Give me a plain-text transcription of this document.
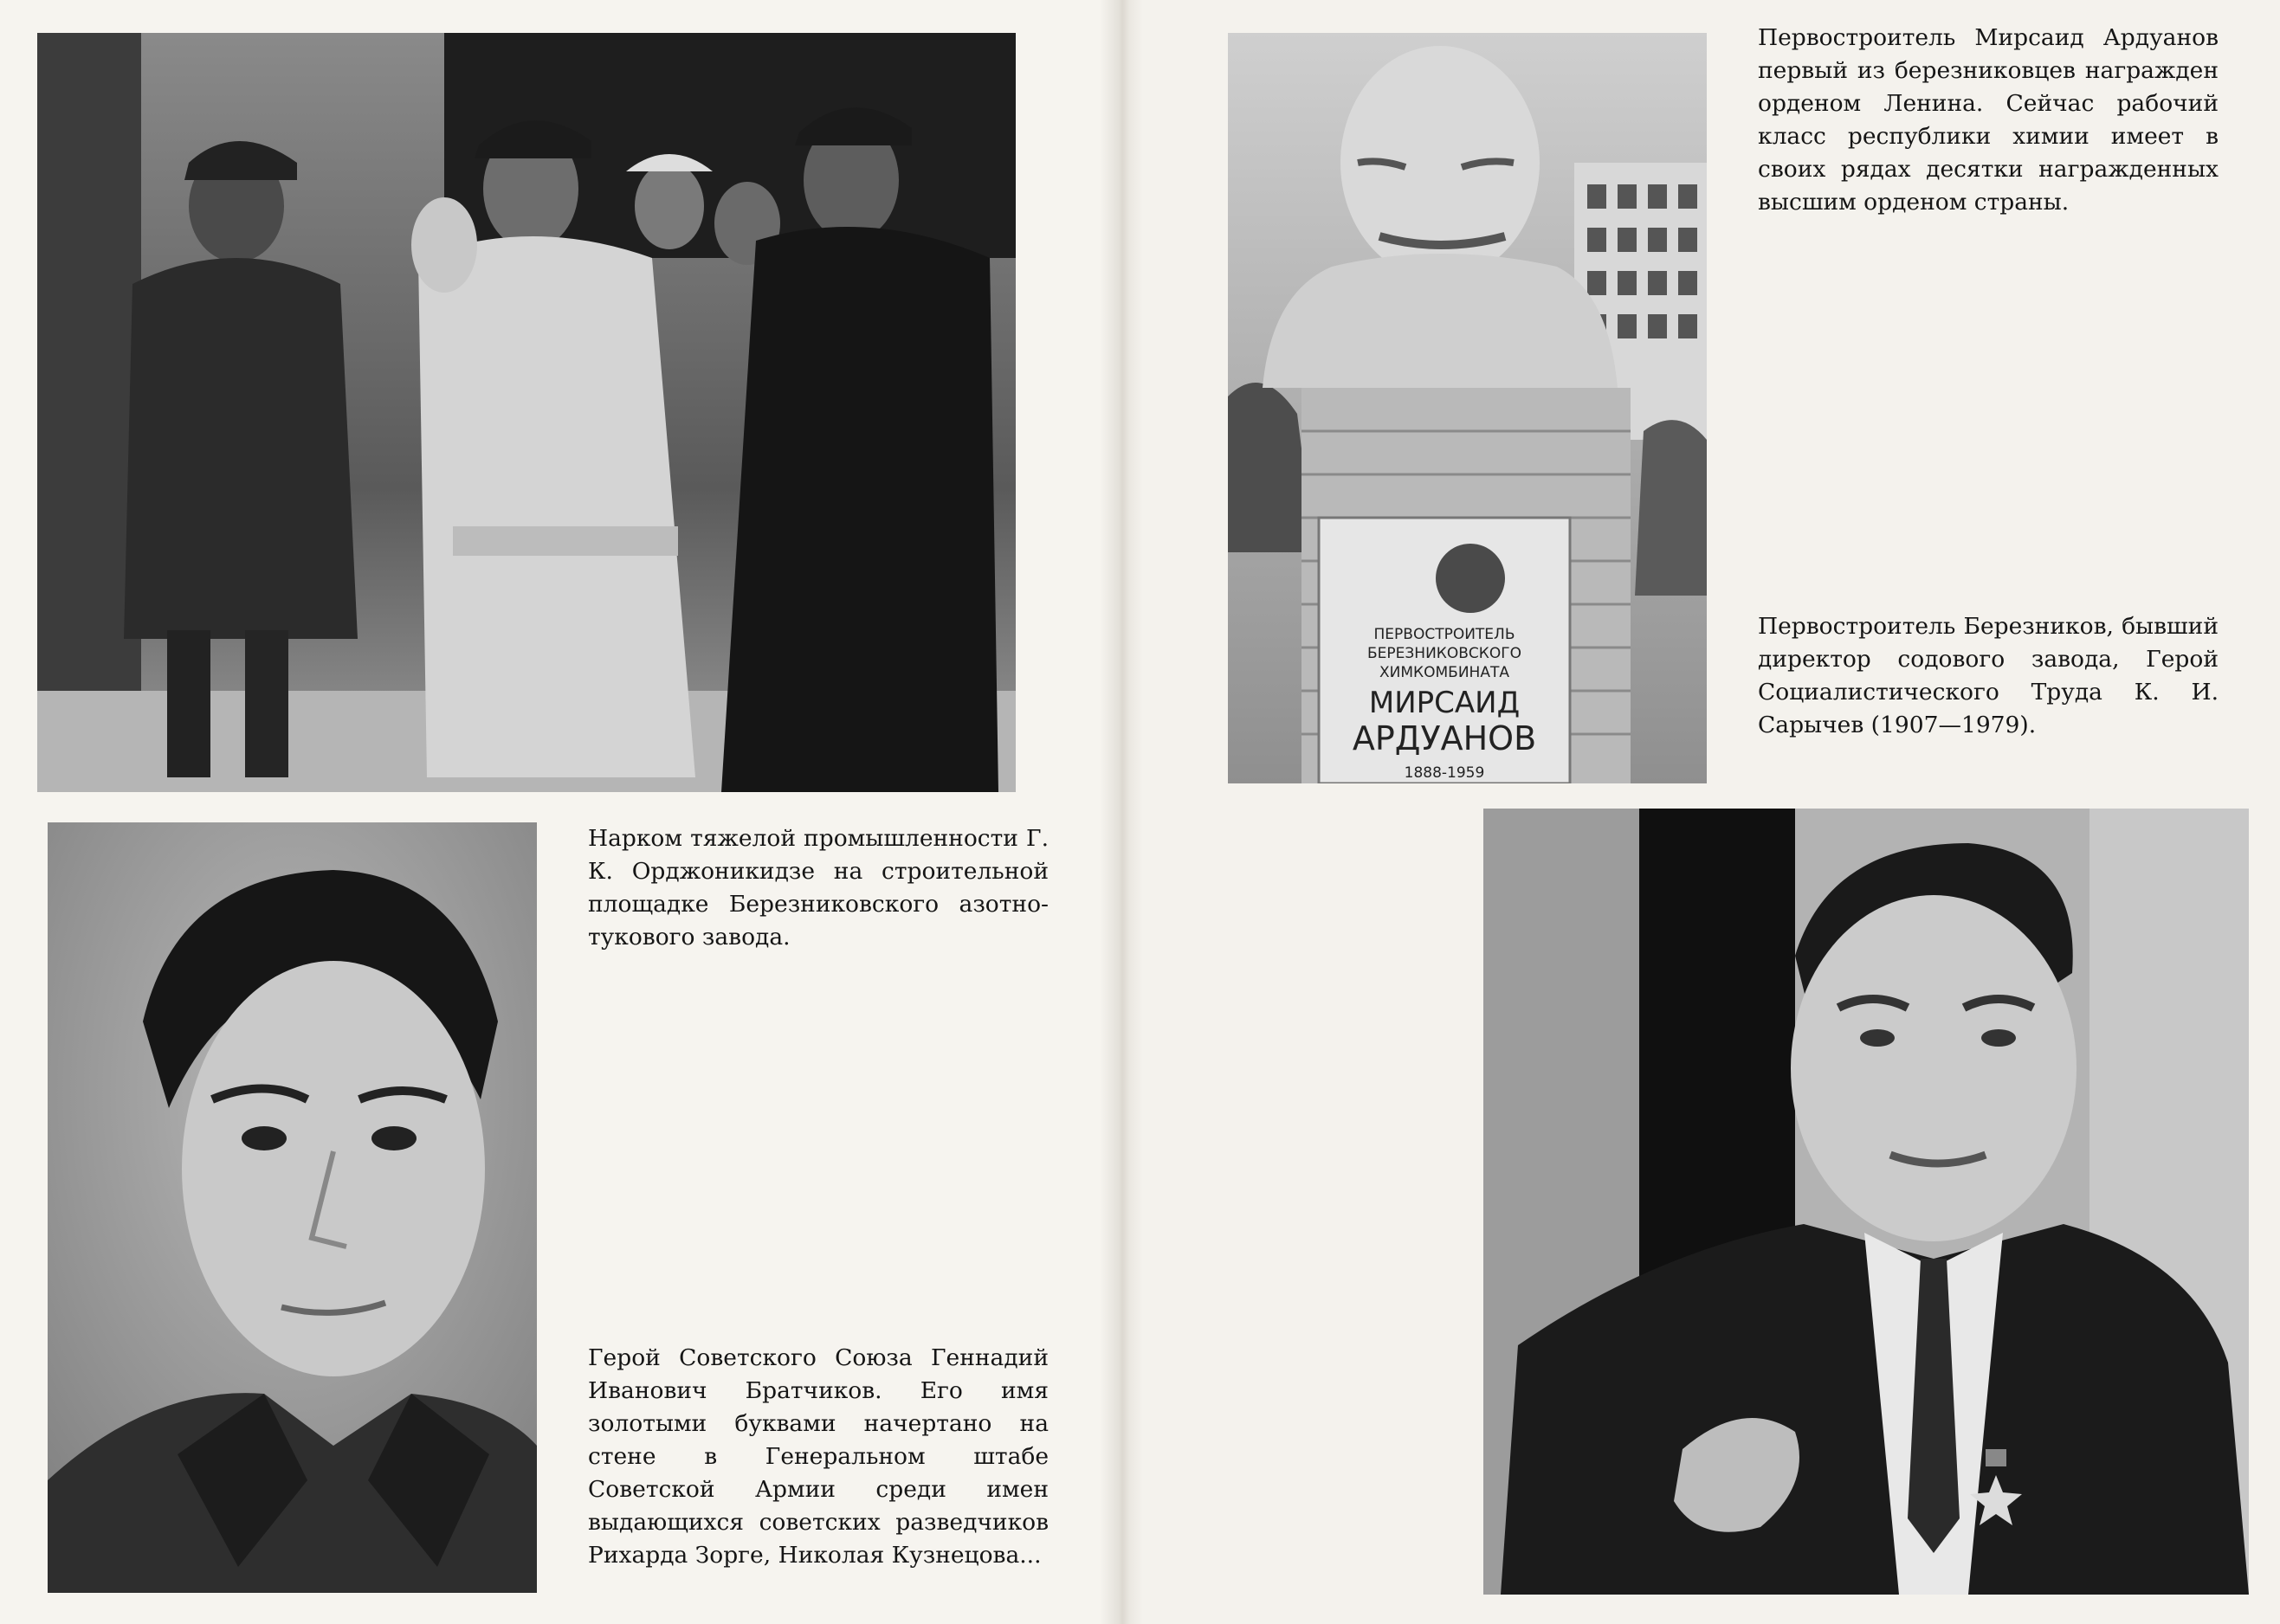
Нарком тяжелой промышленности Г. К. Орджоникидзе на строительной площадке Березниковского азотно-тукового завода.

Герой Советского Союза Геннадий Иванович Братчиков. Его имя золотыми буквами начертано на стене в Генеральном штабе Советской Армии среди имен выдающихся советских разведчиков Рихарда Зорге, Николая Кузнецова...

ПЕРВОСТРОИТЕЛЬ
БЕРЕЗНИКОВСКОГО
ХИМКОМБИНАТА
МИРСАИД
АРДУАНОВ
1888-1959

Первостроитель Мирсаид Ардуанов первый из березниковцев награжден орденом Ленина. Сейчас рабочий класс республики химии имеет в своих рядах десятки награжденных высшим орденом страны.

Первостроитель Березников, бывший директор содового завода, Герой Социалистического Труда К. И. Сарычев (1907—1979).
